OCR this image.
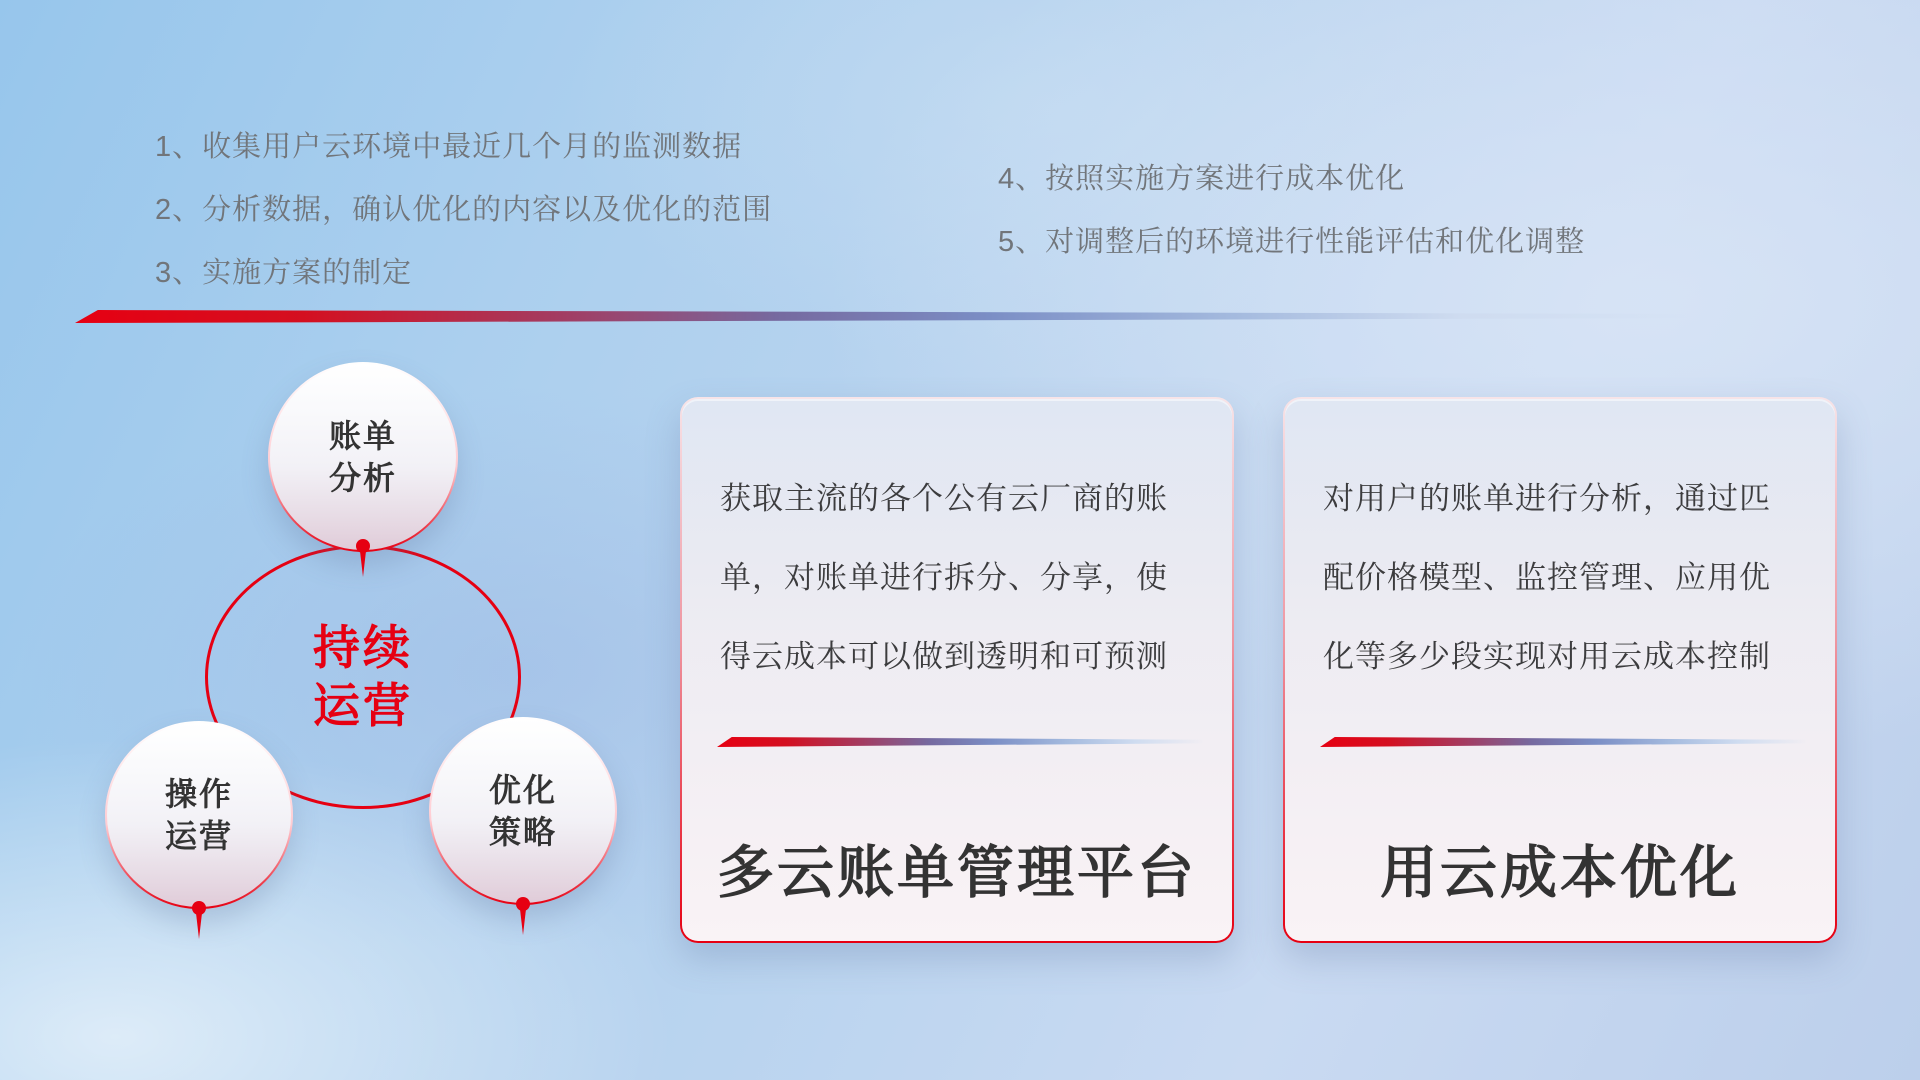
1、收集用户云环境中最近几个月的监测数据
2、分析数据，确认优化的内容以及优化的范围
3、实施方案的制定
4、按照实施方案进行成本优化
5、对调整后的环境进行性能评估和优化调整
账单
分析
操作
运营
优化
策略
持续
运营
获取主流的各个公有云厂商的账
单，对账单进行拆分、分享，使
得云成本可以做到透明和可预测
多云账单管理平台
对用户的账单进行分析，通过匹
配价格模型、监控管理、应用优
化等多少段实现对用云成本控制
用云成本优化
